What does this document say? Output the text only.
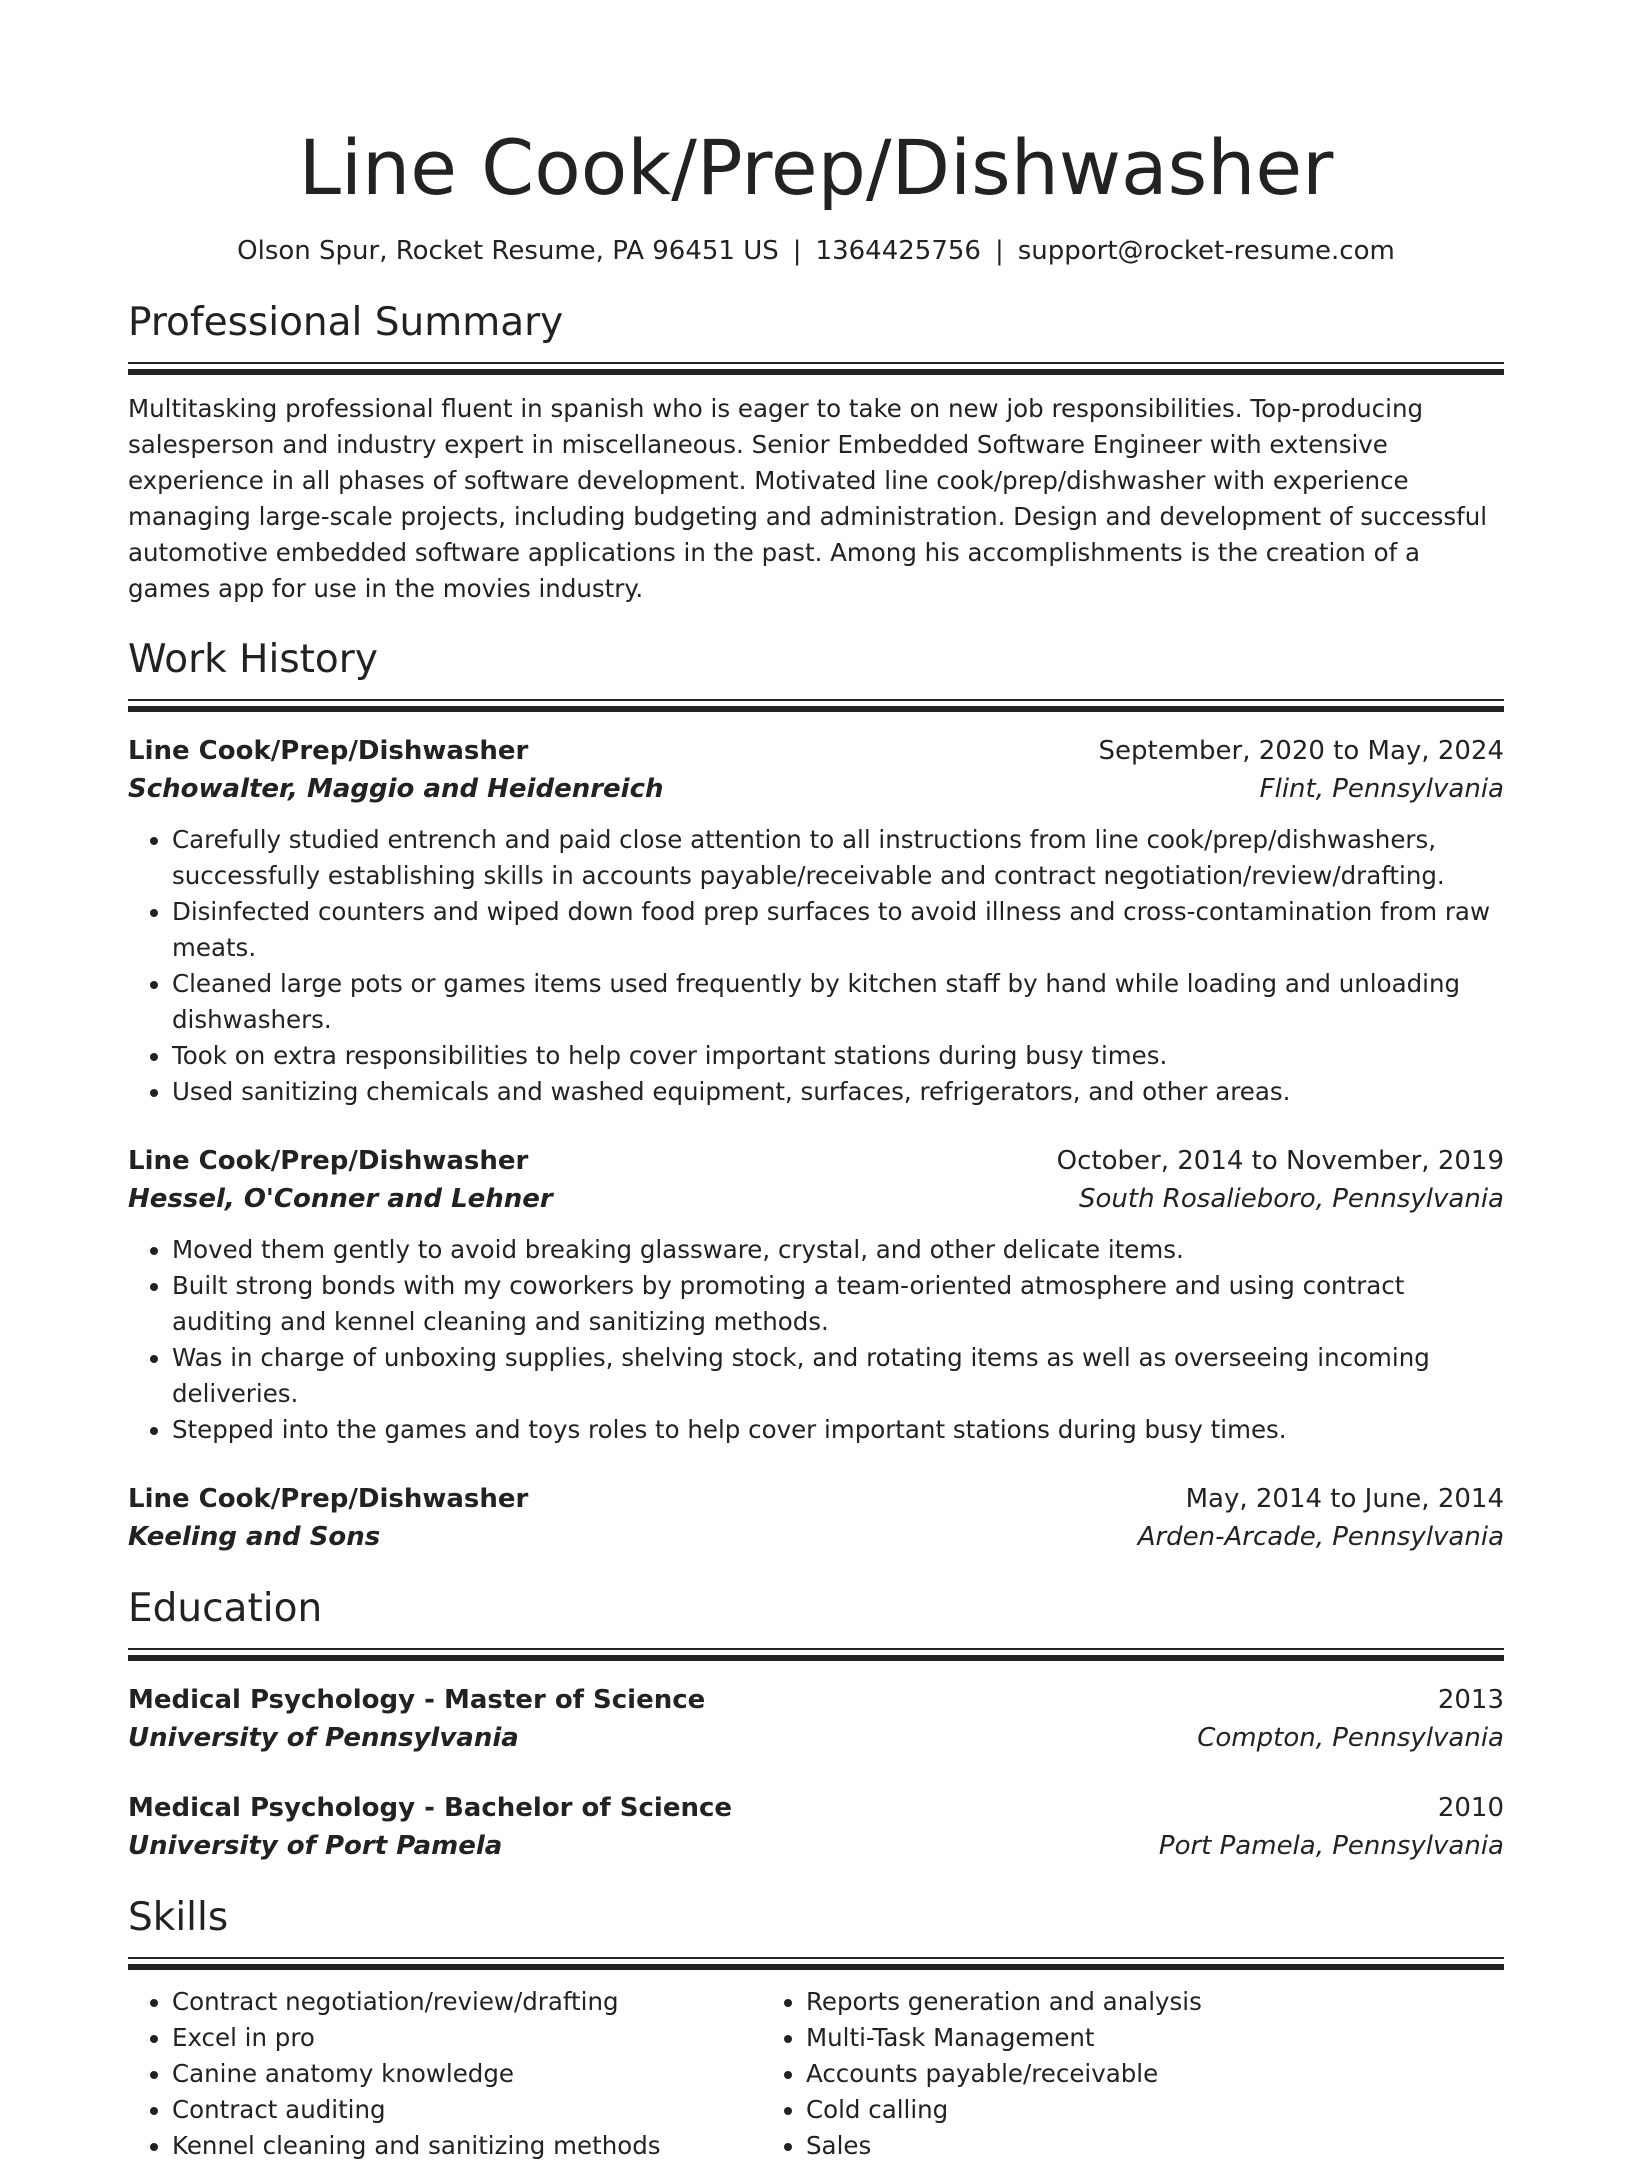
Line Cook/Prep/Dishwasher
Olson Spur, Rocket Resume, PA 96451 US | 1364425756 | support@rocket-resume.com
Professional Summary
Multitasking professional fluent in spanish who is eager to take on new job responsibilities. Top-producing salesperson and industry expert in miscellaneous. Senior Embedded Software Engineer with extensive experience in all phases of software development. Motivated line cook/prep/dishwasher with experience managing large-scale projects, including budgeting and administration. Design and development of successful automotive embedded software applications in the past. Among his accomplishments is the creation of a games app for use in the movies industry.
Work History
Line Cook/Prep/Dishwasher	September, 2020 to May, 2024
Schowalter, Maggio and Heidenreich	Flint, Pennsylvania
• Carefully studied entrench and paid close attention to all instructions from line cook/prep/dishwashers, successfully establishing skills in accounts payable/receivable and contract negotiation/review/drafting.
• Disinfected counters and wiped down food prep surfaces to avoid illness and cross-contamination from raw meats.
• Cleaned large pots or games items used frequently by kitchen staff by hand while loading and unloading dishwashers.
• Took on extra responsibilities to help cover important stations during busy times.
• Used sanitizing chemicals and washed equipment, surfaces, refrigerators, and other areas.
Line Cook/Prep/Dishwasher	October, 2014 to November, 2019
Hessel, O'Conner and Lehner	South Rosalieboro, Pennsylvania
• Moved them gently to avoid breaking glassware, crystal, and other delicate items.
• Built strong bonds with my coworkers by promoting a team-oriented atmosphere and using contract auditing and kennel cleaning and sanitizing methods.
• Was in charge of unboxing supplies, shelving stock, and rotating items as well as overseeing incoming deliveries.
• Stepped into the games and toys roles to help cover important stations during busy times.
Line Cook/Prep/Dishwasher	May, 2014 to June, 2014
Keeling and Sons	Arden-Arcade, Pennsylvania
Education
Medical Psychology - Master of Science	2013
University of Pennsylvania	Compton, Pennsylvania
Medical Psychology - Bachelor of Science	2010
University of Port Pamela	Port Pamela, Pennsylvania
Skills
• Contract negotiation/review/drafting
• Excel in pro
• Canine anatomy knowledge
• Contract auditing
• Kennel cleaning and sanitizing methods
• Reports generation and analysis
• Multi-Task Management
• Accounts payable/receivable
• Cold calling
• Sales
